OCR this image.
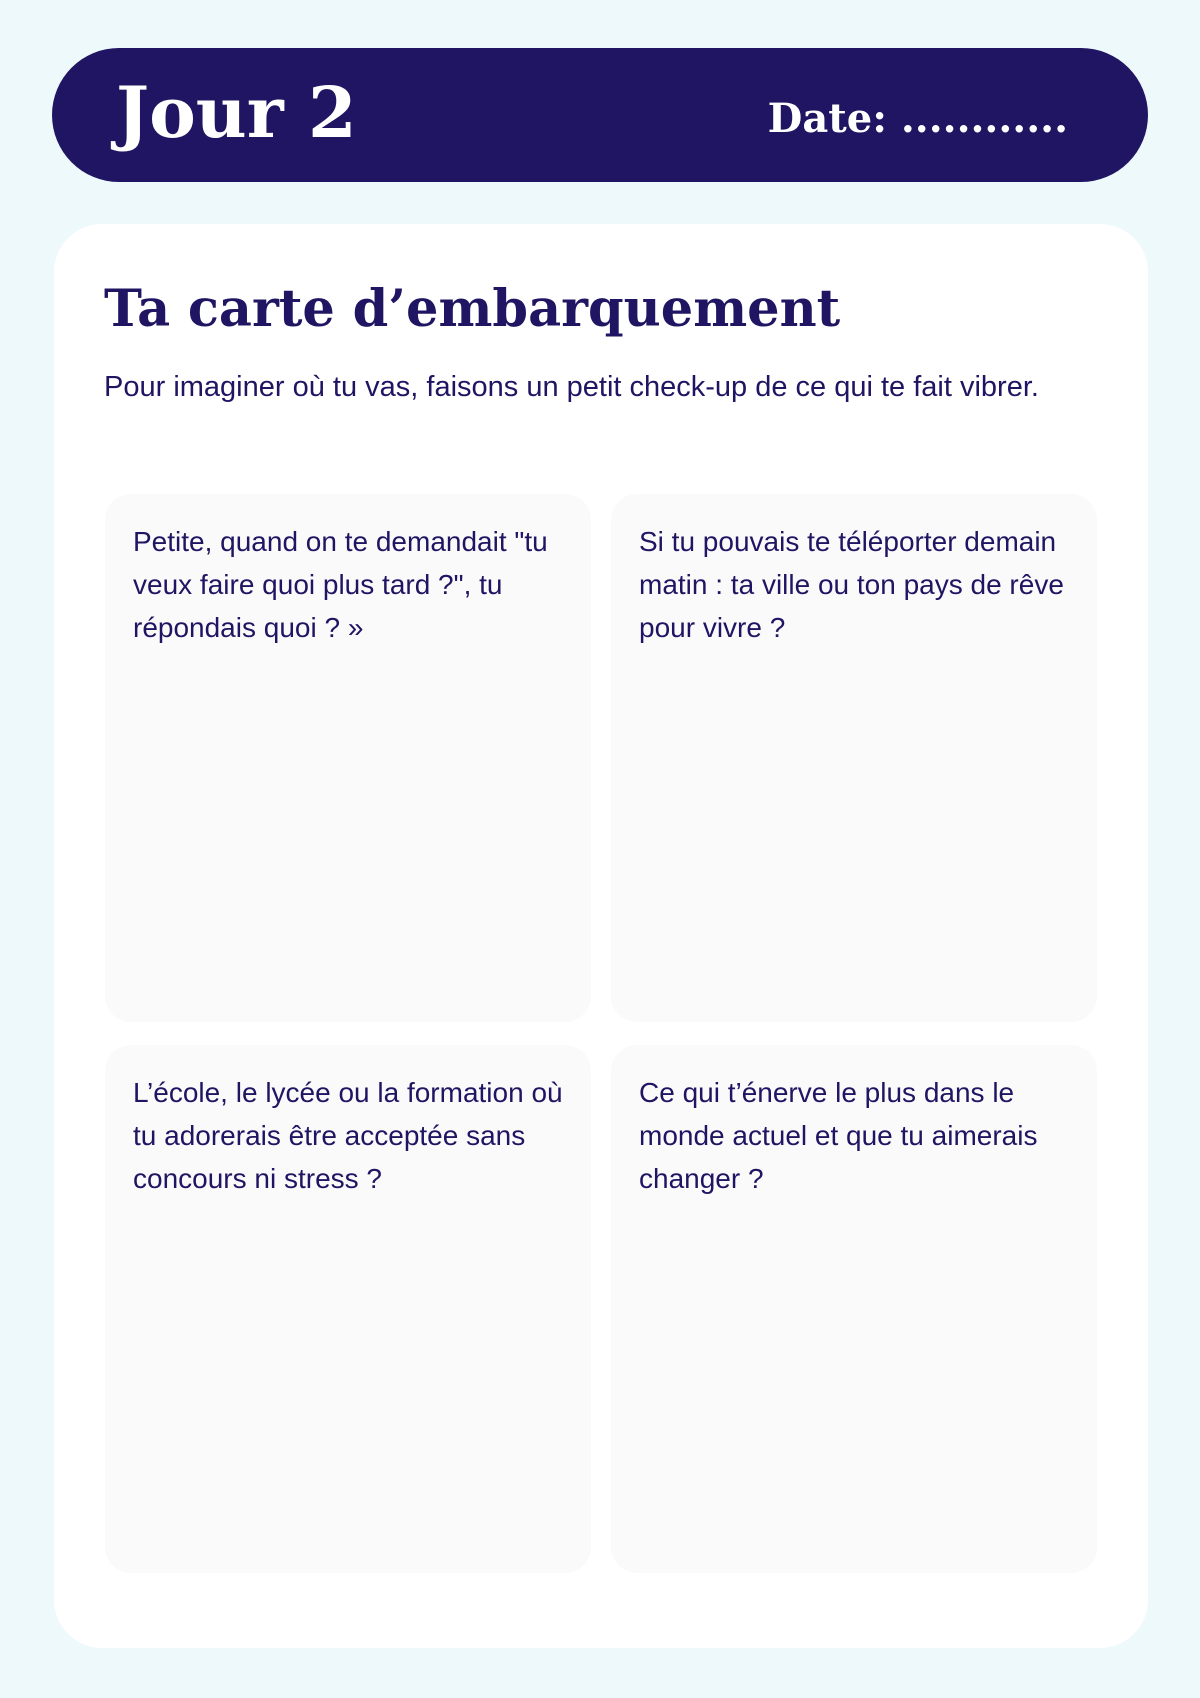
Jour 2	Date: ............
Ta carte d’embarquement

Pour imaginer où tu vas, faisons un petit check-up de ce qui te fait vibrer.

Petite, quand on te demandait "tu veux faire quoi plus tard ?", tu répondais quoi ? »

Si tu pouvais te téléporter demain matin : ta ville ou ton pays de rêve pour vivre ?

L’école, le lycée ou la formation où tu adorerais être acceptée sans concours ni stress ?

Ce qui t’énerve le plus dans le monde actuel et que tu aimerais changer ?
